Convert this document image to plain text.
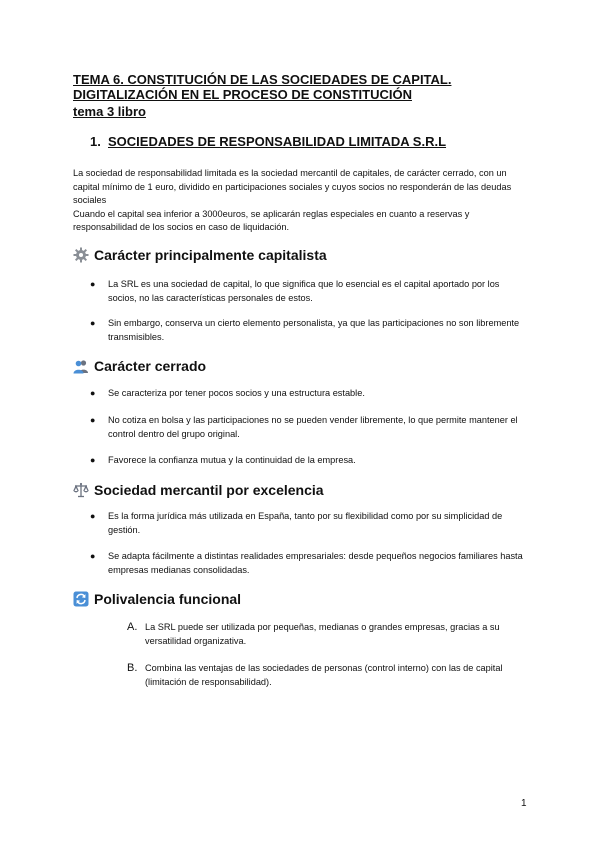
TEMA 6. CONSTITUCIÓN DE LAS SOCIEDADES DE CAPITAL. DIGITALIZACIÓN EN EL PROCESO DE CONSTITUCIÓN
tema 3 libro
1. SOCIEDADES DE RESPONSABILIDAD LIMITADA S.R.L

La sociedad de responsabilidad limitada es la sociedad mercantil de capitales, de carácter cerrado, con un capital mínimo de 1 euro, dividido en participaciones sociales y cuyos socios no responderán de las deudas sociales

Cuando el capital sea inferior a 3000euros, se aplicarán reglas especiales en cuanto a reservas y responsabilidad de los socios en caso de liquidación.

Carácter principalmente capitalista
●	La SRL es una sociedad de capital, lo que significa que lo esencial es el capital aportado por los socios, no las características personales de estos.
●	Sin embargo, conserva un cierto elemento personalista, ya que las participaciones no son libremente transmisibles.
Carácter cerrado
●	Se caracteriza por tener pocos socios y una estructura estable.
●	No cotiza en bolsa y las participaciones no se pueden vender libremente, lo que permite mantener el control dentro del grupo original.
●	Favorece la confianza mutua y la continuidad de la empresa.
Sociedad mercantil por excelencia
●	Es la forma jurídica más utilizada en España, tanto por su flexibilidad como por su simplicidad de gestión.
●	Se adapta fácilmente a distintas realidades empresariales: desde pequeños negocios familiares hasta empresas medianas consolidadas.
Polivalencia funcional
A. La SRL puede ser utilizada por pequeñas, medianas o grandes empresas, gracias a su versatilidad organizativa.
B. Combina las ventajas de las sociedades de personas (control interno) con las de capital (limitación de responsabilidad).
1
